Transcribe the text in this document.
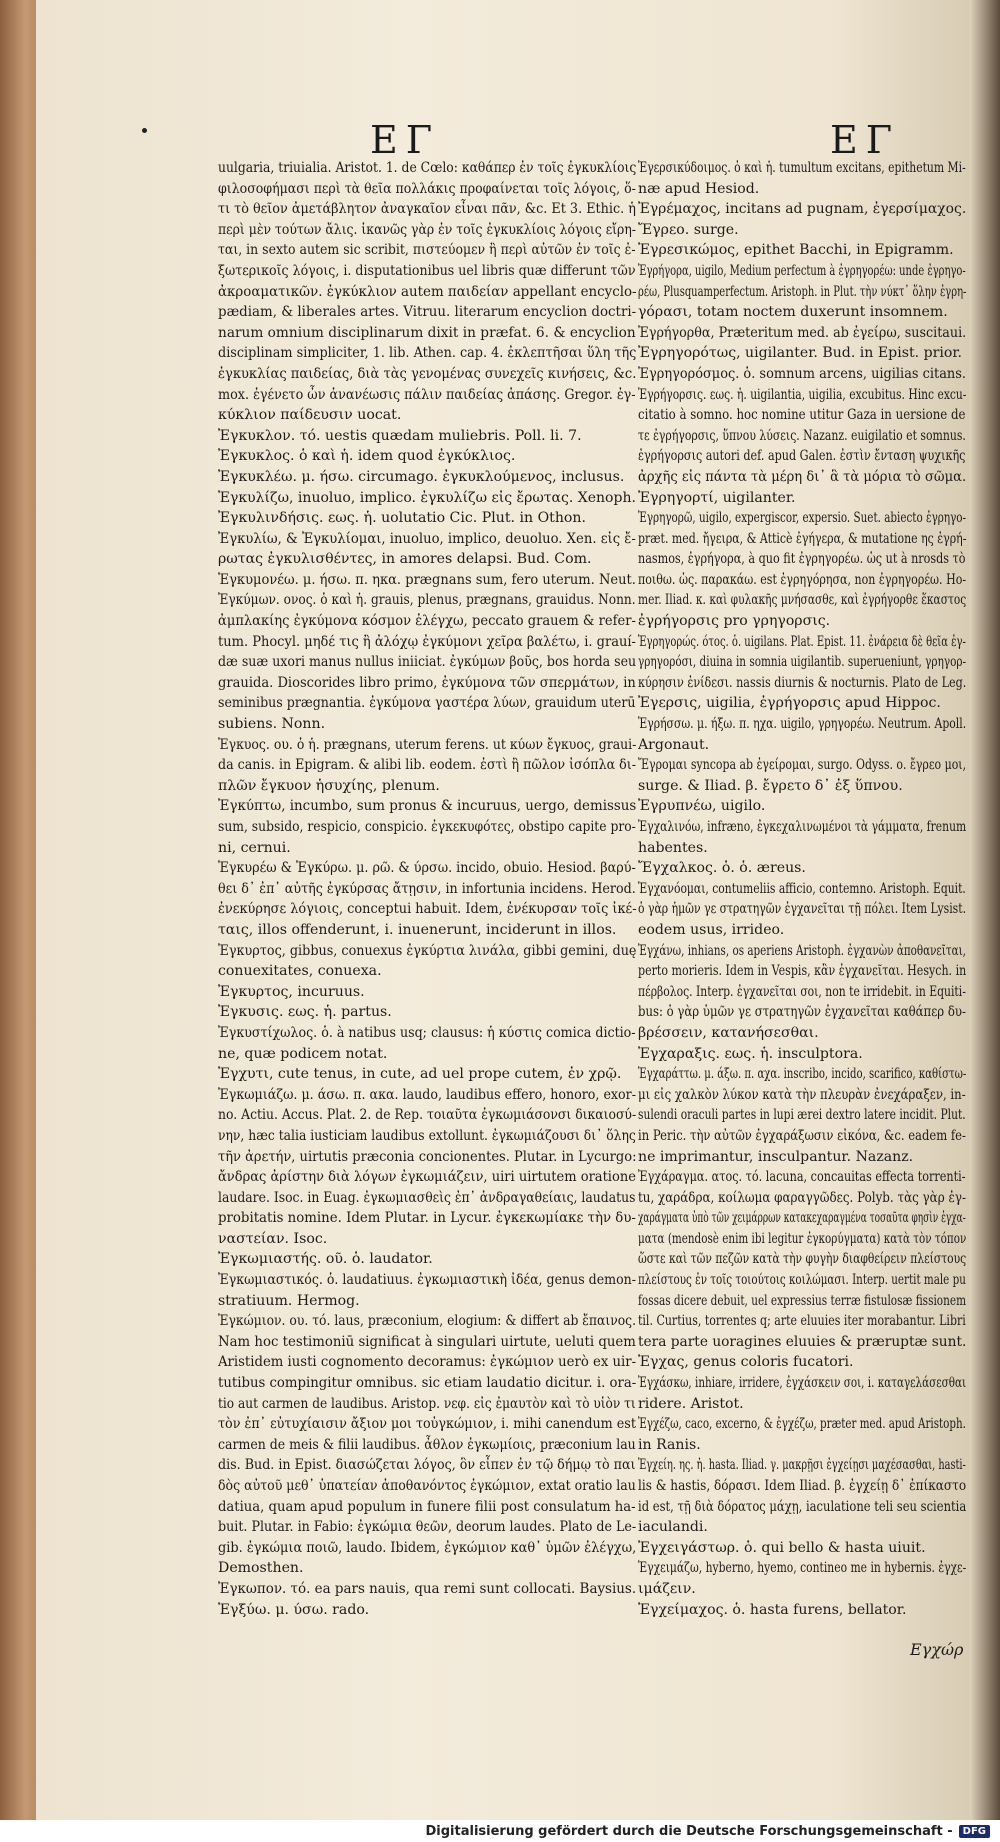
ΕΓ	ΕΓ

uulgaria, triuialia. Aristot. 1. de Cœlo: καθάπερ ἐν τοῖς ἐγκυκλίοις

φιλοσοφήμασι περὶ τὰ θεῖα πολλάκις προφαίνεται τοῖς λόγοις, ὅ-

τι τὸ θεῖον ἀμετάβλητον ἀναγκαῖον εἶναι πᾶν, &c. Et 3. Ethic. ἡ

περὶ μὲν τούτων ἄλις. ἱκανῶς γὰρ ἐν τοῖς ἐγκυκλίοις λόγοις εἴρη-

ται, in sexto autem sic scribit, πιστεύομεν ἢ περὶ αὐτῶν ἐν τοῖς ἐ-

ξωτερικοῖς λόγοις, i. disputationibus uel libris quæ differunt τῶν

ἀκροαματικῶν. ἐγκύκλιον autem παιδείαν appellant encyclo-

pædiam, & liberales artes. Vitruu. literarum encyclion doctri-

narum omnium disciplinarum dixit in præfat. 6. & encyclion

disciplinam simpliciter, 1. lib. Athen. cap. 4. ἐκλεπτῆσαι ὕλη τῆς

ἐγκυκλίας παιδείας, διὰ τὰς γενομένας συνεχεῖς κινήσεις, &c.

mox. ἐγένετο ὦν ἀνανέωσις πάλιν παιδείας ἁπάσης. Gregor. ἐγ-

κύκλιον παίδευσιν uocat.

Ἐγκυκλον. τό. uestis quædam muliebris. Poll. li. 7.

Ἐγκυκλος. ὁ καὶ ἡ. idem quod ἐγκύκλιος.

Ἐγκυκλέω. μ. ήσω. circumago. ἐγκυκλούμενος, inclusus.

Ἐγκυλίζω, inuoluo, implico. ἐγκυλίζω εἰς ἔρωτας. Xenoph.

Ἐγκυλινδήσις. εως. ἡ. uolutatio Cic. Plut. in Othon.

Ἐγκυλίω, & Ἐγκυλίομαι, inuoluo, implico, deuoluo. Xen. εἰς ἔ-

ρωτας ἐγκυλισθέντες, in amores delapsi. Bud. Com.

Ἐγκυμονέω. μ. ήσω. π. ηκα. prægnans sum, fero uterum. Neut.

Ἐγκύμων. ονος. ὁ καὶ ἡ. grauis, plenus, prægnans, grauidus. Nonn.

ἀμπλακίης ἐγκύμονα κόσμον ἐλέγχω, peccato grauem & refer-

tum. Phocyl. μηδέ τις ἢ ἀλόχῳ ἐγκύμονι χεῖρα βαλέτω, i. grauí-

dæ suæ uxori manus nullus iniiciat. ἐγκύμων βοῦς, bos horda seu

grauida. Dioscorides libro primo, ἐγκύμονα τῶν σπερμάτων, in

seminibus prægnantia. ἐγκύμονα γαστέρα λύων, grauidum uterū

subiens. Nonn.

Ἐγκυος. ου. ὁ ἡ. prægnans, uterum ferens. ut κύων ἔγκυος, graui-

da canis. in Epigram. & alibi lib. eodem. ἐστὶ ἢ πῶλον ἰσόπλα δι-

πλῶν ἔγκυον ἡσυχίης, plenum.

Ἐγκύπτω, incumbo, sum pronus & incuruus, uergo, demissus

sum, subsido, respicio, conspicio. ἐγκεκυφότες, obstipo capite pro-

ni, cernui.

Ἐγκυρέω & Ἐγκύρω. μ. ρῶ. & ύρσω. incido, obuio. Hesiod. βαρύ-

θει δ᾽ ἐπ᾽ αὐτῆς ἐγκύρσας ἄτῃσιν, in infortunia incidens. Herod.

ἐνεκύρησε λόγιοις, conceptui habuit. Idem, ἐνέκυρσαν τοῖς ἰκέ-

ταις, illos offenderunt, i. inuenerunt, inciderunt in illos.

Ἐγκυρτος, gibbus, conuexus ἐγκύρτια λινάλα, gibbi gemini, duę

conuexitates, conuexa.

Ἐγκυρτος, incuruus.

Ἐγκυσις. εως. ἡ. partus.

Ἐγκυστίχωλος. ὁ. à natibus usq; clausus: ἡ κύστις comica dictio-

ne, quæ podicem notat.

Ἐγχυτι, cute tenus, in cute, ad uel prope cutem, ἐν χρῷ.

Ἐγκωμιάζω. μ. άσω. π. ακα. laudo, laudibus effero, honoro, exor-

no. Actiu. Accus. Plat. 2. de Rep. τοιαῦτα ἐγκωμιάσονσι δικαιοσύ-

νην, hæc talia iusticiam laudibus extollunt. ἐγκωμιάζουσι δι᾽ ὅλης

τῆν ἀρετήν, uirtutis præconia concionentes. Plutar. in Lycurgo:

ἄνδρας ἀρίστην διὰ λόγων ἐγκωμιάζειν, uiri uirtutem oratione

laudare. Isoc. in Euag. ἐγκωμιασθεὶς ἐπ᾽ ἀνδραγαθείαις, laudatus

probitatis nomine. Idem Plutar. in Lycur. ἐγκεκωμίακε τὴν δυ-

ναστείαν. Isoc.

Ἐγκωμιαστής. οῦ. ὁ. laudator.

Ἐγκωμιαστικός. ὁ. laudatiuus. ἐγκωμιαστικὴ ἰδέα, genus demon-

stratiuum. Hermog.

Ἐγκώμιον. ου. τό. laus, præconium, elogium: & differt ab ἔπαινος.

Nam hoc testimoniū significat à singulari uirtute, ueluti quem

Aristidem iusti cognomento decoramus: ἐγκώμιον uerò ex uir-

tutibus compingitur omnibus. sic etiam laudatio dicitur. i. ora-

tio aut carmen de laudibus. Aristop. νεφ. εἰς ἐμαυτὸν καὶ τὸ υἱὸν τι

τὸν ἐπ᾽ εὐτυχίαισιν ἄξιον μοι τοὐγκώμιον, i. mihi canendum est

carmen de meis & filii laudibus. ἆθλον ἐγκωμίοις, præconium lau

dis. Bud. in Epist. διασώζεται λόγος, ὃν εἶπεν ἐν τῷ δήμῳ τὸ παι

δὸς αὐτοῦ μεθ᾽ ὑπατείαν ἀποθανόντος ἐγκώμιον, extat oratio lau

datiua, quam apud populum in funere filii post consulatum ha-

buit. Plutar. in Fabio: ἐγκώμια θεῶν, deorum laudes. Plato de Le-

gib. ἐγκώμια ποιῶ, laudo. Ibidem, ἐγκώμιον καθ᾽ ὑμῶν ἐλέγχω,

Demosthen.

Ἐγκωπον. τό. ea pars nauis, qua remi sunt collocati. Baysius.

Ἐγξύω. μ. ύσω. rado.

Ἐγερσικύδοιμος. ὁ καὶ ἡ. tumultum excitans, epithetum Mi-

næ apud Hesiod.

Ἐγρέμαχος, incitans ad pugnam, ἐγερσίμαχος.

Ἔγρεο. surge.

Ἐγρεσικώμος, epithet Bacchi, in Epigramm.

Ἐγρήγορα, uigilo, Medium perfectum à ἐγρηγορέω: unde ἐγρηγο-

ρέω, Plusquamperfectum. Aristoph. in Plut. τὴν νύκτ᾽ ὅλην ἐγρη-

γόρασι, totam noctem duxerunt insomnem.

Ἐγρήγορθα, Præteritum med. ab ἐγείρω, suscitaui.

Ἐγρηγορότως, uigilanter. Bud. in Epist. prior.

Ἐγρηγορόσμος. ὁ. somnum arcens, uigilias citans.

Ἐγρήγορσις. εως. ἡ. uigilantia, uigilia, excubitus. Hinc excu-

citatio à somno. hoc nomine utitur Gaza in uersione de

τε ἐγρήγορσις, ὕπνου λύσεις. Nazanz. euigilatio et somnus.

ἐγρήγορσις autori def. apud Galen. ἐστὶν ἔνταση ψυχικῆς

ἀρχῆς εἰς πάντα τὰ μέρη δι᾽ ἃ τὰ μόρια τὸ σῶμα.

Ἐγρηγορτί, uigilanter.

Ἐγρηγορῶ, uigilo, expergiscor, expersio. Suet. abiecto ἐγρηγο-

præt. med. ἤγειρα, & Atticè ἐγήγερα, & mutatione ης ἐγρή-

nasmos, ἐγρήγορα, à quo fit ἐγρηγορέω. ὡς ut à nrosds τὸ

ποιθω. ὡς. παρακάω. est ἐγρηγόρησα, non ἐγρηγορέω. Ho-

mer. Iliad. κ. καὶ φυλακῆς μνήσασθε, καὶ ἐγρήγορθε ἕκαστος

ἐγρήγορσις pro γρηγορσις.

Ἐγρηγορώς. ότος. ὁ. uigilans. Plat. Epist. 11. ἐνάρεια δὲ θεῖα ἐγ-

γρηγορόσι, diuina in somnia uigilantib. superueniunt, γρηγορ-

κύρησιν ἐνίδεσι. nassis diurnis & nocturnis. Plato de Leg.

Ἐγερσις, uigilia, ἐγρήγορσις apud Hippoc.

Ἐγρήσσω. μ. ήξω. π. ηχα. uigilo, γρηγορέω. Neutrum. Apoll.

Argonaut.

Ἔγρομαι syncopa ab ἐγείρομαι, surgo. Odyss. ο. ἔγρεο μοι,

surge. & Iliad. β. ἔγρετο δ᾽ ἐξ ὕπνου.

Ἐγρυπνέω, uigilo.

Ἐγχαλινόω, infræno, ἐγκεχαλινωμένοι τὰ γάμματα, frenum

habentes.

Ἔγχαλκος. ὁ. ὁ. æreus.

Ἐγχανόομαι, contumeliis afficio, contemno. Aristoph. Equit.

ὁ γὰρ ἡμῶν γε στρατηγῶν ἐγχανεῖται τῇ πόλει. Item Lysist.

eodem usus, irrideo.

Ἐγχάνω, inhians, os aperiens Aristoph. ἐγχανὼν ἀποθανεῖται,

perto morieris. Idem in Vespis, κἂν ἐγχανεῖται. Hesych. in

πέρβολος. Interp. ἐγχανεῖται σοι, non te irridebit. in Equiti-

bus: ὁ γὰρ ὑμῶν γε στρατηγῶν ἐγχανεῖται καθάπερ δυ-

βρέσσειν, κατανήσεσθαι.

Ἐγχαραξις. εως. ἡ. insculptora.

Ἐγχαράττω. μ. άξω. π. αχα. inscribo, incido, scarifico, καθίστω-

μι εἰς χαλκὸν λύκον κατὰ τὴν πλευρὰν ἐνεχάραξεν, in-

sulendi oraculi partes in lupi ærei dextro latere incidit. Plut.

in Peric. τὴν αὐτῶν ἐγχαράξωσιν εἰκόνα, &c. eadem fe-

ne imprimantur, insculpantur. Nazanz.

Ἐγχάραγμα. ατος. τό. lacuna, concauitas effecta torrenti-

tu, χαράδρα, κοίλωμα φαραγγῶδες. Polyb. τὰς γὰρ ἐγ-

χαράγματα ὑπὸ τῶν χειμάρρων κατακεχαραγμένα τοσαῦτα φησὶν ἐγχα-

ματα (mendosè enim ibi legitur ἐγκορύγματα) κατὰ τὸν τόπον

ὥστε καὶ τῶν πεζῶν κατὰ τὴν φυγὴν διαφθείρειν πλείστους

πλείστους ἐν τοῖς τοιούτοις κοιλώμασι. Interp. uertit male pu

fossas dicere debuit, uel expressius terræ fistulosæ fissionem

til. Curtius, torrentes q; arte eluuies iter morabantur. Libri

tera parte uoragines eluuies & præruptæ sunt.

Ἐγχας, genus coloris fucatori.

Ἐγχάσκω, inhiare, irridere, ἐγχάσκειν σοι, i. καταγελάσεσθαι

ridere. Aristot.

Ἐγχέζω, caco, excerno, & ἐγχέζω, præter med. apud Aristoph.

in Ranis.

Ἐγχείη. ης. ἡ. hasta. Iliad. γ. μακρῇσι ἐγχείῃσι μαχέσασθαι, hasti-

lis & hastis, δόρασι. Idem Iliad. β. ἐγχείῃ δ᾽ ἐπίκαστο

id est, τῇ διὰ δόρατος μάχῃ, iaculatione teli seu scientia

iaculandi.

Ἐγχειγάστωρ. ὁ. qui bello & hasta uiuit.

Ἐγχειμάζω, hyberno, hyemo, contineo me in hybernis. ἐγχε-

ιμάζειν.

Ἐγχείμαχος. ὁ. hasta furens, bellator.

Εγχώρ
Digitalisierung gefördert durch die Deutsche Forschungsgemeinschaft -	DFG
